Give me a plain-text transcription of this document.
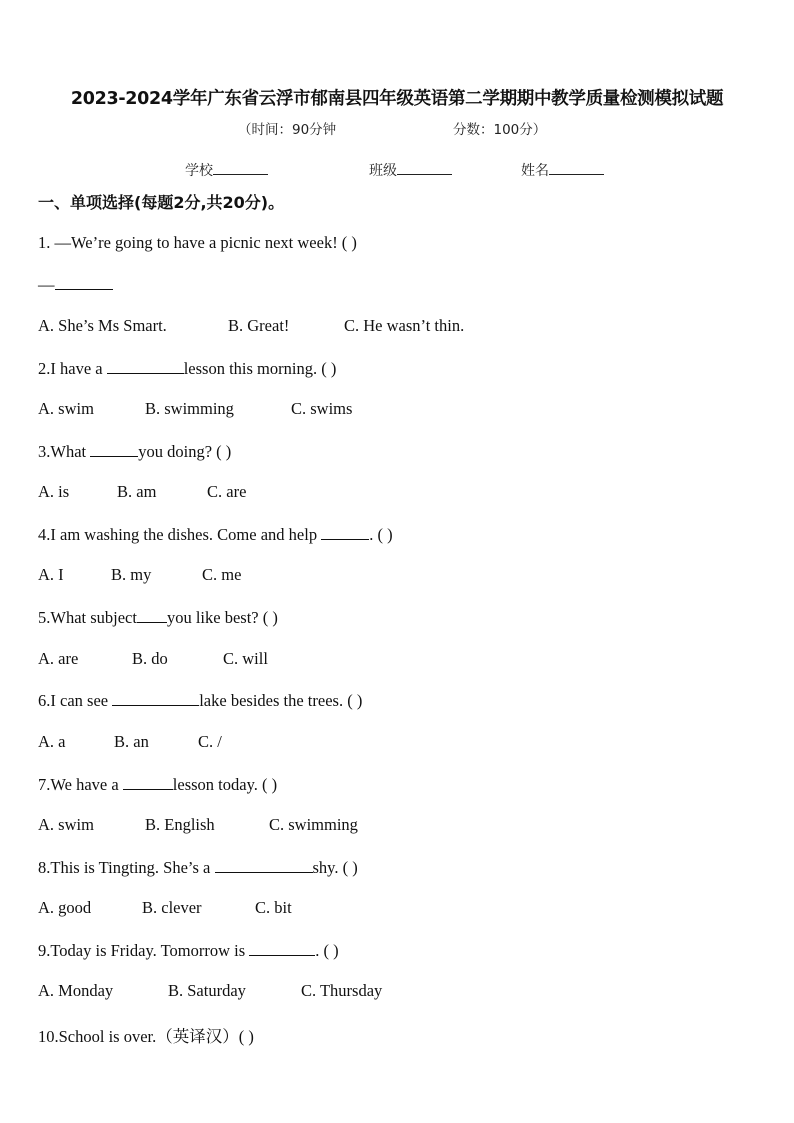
2023-2024学年广东省云浮市郁南县四年级英语第二学期期中教学质量检测模拟试题
（时间：90分钟	分数：100分）
学校	班级	姓名
一、单项选择(每题2分,共20分)。
1. —We’re going to have a picnic next week! ( )
—
A. She’s Ms Smart.	B. Great!	C. He wasn’t thin.
2.I have a	lesson this morning. ( )
A. swim	B. swimming	C. swims
3.What	you doing? ( )
A. is	B. am	C. are
4.I am washing the dishes. Come and help	. ( )
A. I	B. my	C. me
5.What subject you like best? ( )
A. are	B. do	C. will
6.I can see	lake besides the trees. ( )
A. a	B. an	C. /
7.We have a	lesson today. ( )
A. swim	B. English	C. swimming
8.This is Tingting. She’s a	shy. ( )
A. good	B. clever	C. bit
9.Today is Friday. Tomorrow is	. ( )
A. Monday	B. Saturday	C. Thursday
10.School is over.（英译汉）( )
